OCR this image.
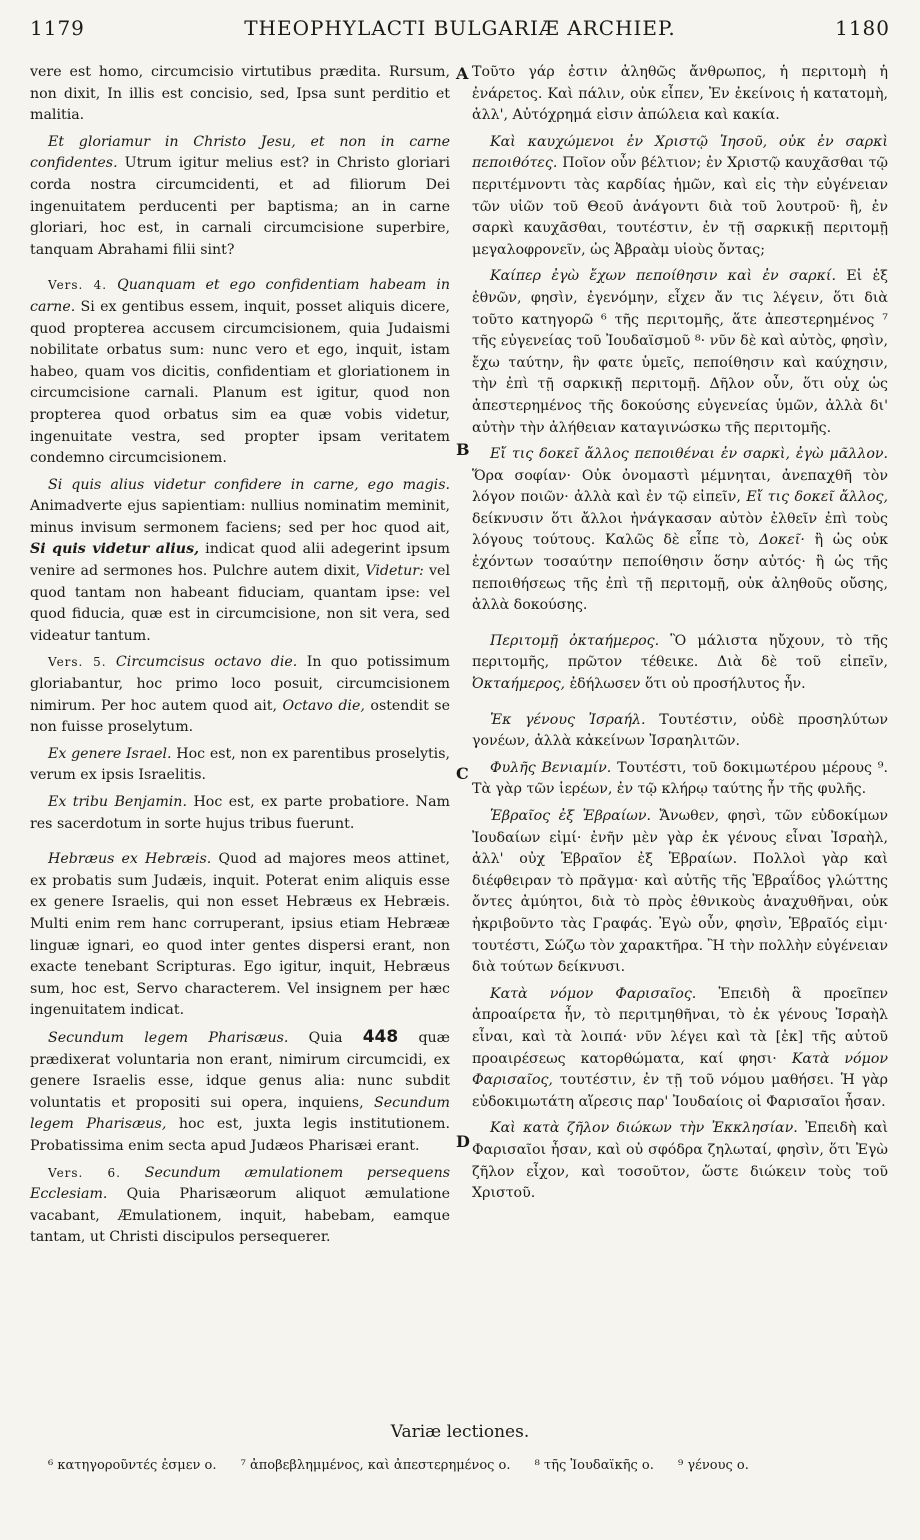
1179	THEOPHYLACTI BULGARIÆ ARCHIEP.	1180
A
B
C
D

vere est homo, circumcisio virtutibus prædita. Rursum, non dixit, In illis est concisio, sed, Ipsa sunt perditio et malitia.

Et gloriamur in Christo Jesu, et non in carne confidentes. Utrum igitur melius est? in Christo gloriari corda nostra circumcidenti, et ad filiorum Dei ingenuitatem perducenti per baptisma; an in carne gloriari, hoc est, in carnali circumcisione superbire, tanquam Abrahami filii sint?

Vers. 4. Quanquam et ego confidentiam habeam in carne. Si ex gentibus essem, inquit, posset aliquis dicere, quod propterea accusem circumcisionem, quia Judaismi nobilitate orbatus sum: nunc vero et ego, inquit, istam habeo, quam vos dicitis, confidentiam et gloriationem in circumcisione carnali. Planum est igitur, quod non propterea quod orbatus sim ea quæ vobis videtur, ingenuitate vestra, sed propter ipsam veritatem condemno circumcisionem.

Si quis alius videtur confidere in carne, ego magis. Animadverte ejus sapientiam: nullius nominatim meminit, minus invisum sermonem faciens; sed per hoc quod ait, Si quis videtur alius, indicat quod alii adegerint ipsum venire ad sermones hos. Pulchre autem dixit, Videtur: vel quod tantam non habeant fiduciam, quantam ipse: vel quod fiducia, quæ est in circumcisione, non sit vera, sed videatur tantum.

Vers. 5. Circumcisus octavo die. In quo potissimum gloriabantur, hoc primo loco posuit, circumcisionem nimirum. Per hoc autem quod ait, Octavo die, ostendit se non fuisse proselytum.

Ex genere Israel. Hoc est, non ex parentibus proselytis, verum ex ipsis Israelitis.

Ex tribu Benjamin. Hoc est, ex parte probatiore. Nam res sacerdotum in sorte hujus tribus fuerunt.

Hebræus ex Hebræis. Quod ad majores meos attinet, ex probatis sum Judæis, inquit. Poterat enim aliquis esse ex genere Israelis, qui non esset Hebræus ex Hebræis. Multi enim rem hanc corruperant, ipsius etiam Hebrææ linguæ ignari, eo quod inter gentes dispersi erant, non exacte tenebant Scripturas. Ego igitur, inquit, Hebræus sum, hoc est, Servo characterem. Vel insignem per hæc ingenuitatem indicat.

Secundum legem Pharisæus. Quia 448 quæ prædixerat voluntaria non erant, nimirum circumcidi, ex genere Israelis esse, idque genus alia: nunc subdit voluntatis et propositi sui opera, inquiens, Secundum legem Pharisæus, hoc est, juxta legis institutionem. Probatissima enim secta apud Judæos Pharisæi erant.

Vers. 6. Secundum æmulationem persequens Ecclesiam. Quia Pharisæorum aliquot æmulatione vacabant, Æmulationem, inquit, habebam, eamque tantam, ut Christi discipulos persequerer.

Τοῦτο γάρ ἐστιν ἀληθῶς ἄνθρωπος, ἡ περιτομὴ ἡ ἐνάρετος. Καὶ πάλιν, οὐκ εἶπεν, Ἐν ἐκείνοις ἡ κατατομὴ, ἀλλ', Αὐτόχρημά εἰσιν ἀπώλεια καὶ κακία.

Καὶ καυχώμενοι ἐν Χριστῷ Ἰησοῦ, οὐκ ἐν σαρκὶ πεποιθότες. Ποῖον οὖν βέλτιον; ἐν Χριστῷ καυχᾶσθαι τῷ περιτέμνοντι τὰς καρδίας ἡμῶν, καὶ εἰς τὴν εὐγένειαν τῶν υἱῶν τοῦ Θεοῦ ἀνάγοντι διὰ τοῦ λουτροῦ· ἢ, ἐν σαρκὶ καυχᾶσθαι, τουτέστιν, ἐν τῇ σαρκικῇ περιτομῇ μεγαλοφρονεῖν, ὡς Ἀβραὰμ υἱοὺς ὄντας;

Καίπερ ἐγὼ ἔχων πεποίθησιν καὶ ἐν σαρκί. Εἰ ἐξ ἐθνῶν, φησὶν, ἐγενόμην, εἶχεν ἄν τις λέγειν, ὅτι διὰ τοῦτο κατηγορῶ ⁶ τῆς περιτομῆς, ἅτε ἀπεστερημένος ⁷ τῆς εὐγενείας τοῦ Ἰουδαϊσμοῦ ⁸· νῦν δὲ καὶ αὐτὸς, φησὶν, ἔχω ταύτην, ἣν φατε ὑμεῖς, πεποίθησιν καὶ καύχησιν, τὴν ἐπὶ τῇ σαρκικῇ περιτομῇ. Δῆλον οὖν, ὅτι οὐχ ὡς ἀπεστερημένος τῆς δοκούσης εὐγενείας ὑμῶν, ἀλλὰ δι' αὐτὴν τὴν ἀλήθειαν καταγινώσκω τῆς περιτομῆς.

Εἴ τις δοκεῖ ἄλλος πεποιθέναι ἐν σαρκὶ, ἐγὼ μᾶλλον. Ὅρα σοφίαν· Οὐκ ὀνομαστὶ μέμνηται, ἀνεπαχθῆ τὸν λόγον ποιῶν· ἀλλὰ καὶ ἐν τῷ εἰπεῖν, Εἴ τις δοκεῖ ἄλλος, δείκνυσιν ὅτι ἄλλοι ἠνάγκασαν αὐτὸν ἐλθεῖν ἐπὶ τοὺς λόγους τούτους. Καλῶς δὲ εἶπε τὸ, Δοκεῖ· ἢ ὡς οὐκ ἐχόντων τοσαύτην πεποίθησιν ὅσην αὐτός· ἢ ὡς τῆς πεποιθήσεως τῆς ἐπὶ τῇ περιτομῇ, οὐκ ἀληθοῦς οὔσης, ἀλλὰ δοκούσης.

Περιτομῇ ὀκταήμερος. Ὃ μάλιστα ηὔχουν, τὸ τῆς περιτομῆς, πρῶτον τέθεικε. Διὰ δὲ τοῦ εἰπεῖν, Ὀκταήμερος, ἐδήλωσεν ὅτι οὐ προσήλυτος ἦν.

Ἐκ γένους Ἰσραήλ. Τουτέστιν, οὐδὲ προσηλύτων γονέων, ἀλλὰ κἀκείνων Ἰσραηλιτῶν.

Φυλῆς Βενιαμίν. Τουτέστι, τοῦ δοκιμωτέρου μέρους ⁹. Τὰ γὰρ τῶν ἱερέων, ἐν τῷ κλήρῳ ταύτης ἦν τῆς φυλῆς.

Ἑβραῖος ἐξ Ἑβραίων. Ἄνωθεν, φησὶ, τῶν εὐδοκίμων Ἰουδαίων εἰμί· ἐνῆν μὲν γὰρ ἐκ γένους εἶναι Ἰσραὴλ, ἀλλ' οὐχ Ἑβραῖον ἐξ Ἑβραίων. Πολλοὶ γὰρ καὶ διέφθειραν τὸ πρᾶγμα· καὶ αὐτῆς τῆς Ἑβραΐδος γλώττης ὄντες ἀμύητοι, διὰ τὸ πρὸς ἐθνικοὺς ἀναχυθῆναι, οὐκ ἠκριβοῦντο τὰς Γραφάς. Ἐγὼ οὖν, φησὶν, Ἑβραῖός εἰμι· τουτέστι, Σώζω τὸν χαρακτῆρα. Ἢ τὴν πολλὴν εὐγένειαν διὰ τούτων δείκνυσι.

Κατὰ νόμον Φαρισαῖος. Ἐπειδὴ ἃ προεῖπεν ἀπροαίρετα ἦν, τὸ περιτμηθῆναι, τὸ ἐκ γένους Ἰσραὴλ εἶναι, καὶ τὰ λοιπά· νῦν λέγει καὶ τὰ [ἐκ] τῆς αὐτοῦ προαιρέσεως κατορθώματα, καί φησι· Κατὰ νόμον Φαρισαῖος, τουτέστιν, ἐν τῇ τοῦ νόμου μαθήσει. Ἡ γὰρ εὐδοκιμωτάτη αἵρεσις παρ' Ἰουδαίοις οἱ Φαρισαῖοι ἦσαν.

Καὶ κατὰ ζῆλον διώκων τὴν Ἐκκλησίαν. Ἐπειδὴ καὶ Φαρισαῖοι ἦσαν, καὶ οὐ σφόδρα ζηλωταί, φησὶν, ὅτι Ἐγὼ ζῆλον εἶχον, καὶ τοσοῦτον, ὥστε διώκειν τοὺς τοῦ Χριστοῦ.

Variæ lectiones.
⁶ κατηγοροῦντές ἐσμεν ο. ⁷ ἀποβεβλημμένος, καὶ ἀπεστερημένος ο. ⁸ τῆς Ἰουδαϊκῆς ο. ⁹ γένους ο.
